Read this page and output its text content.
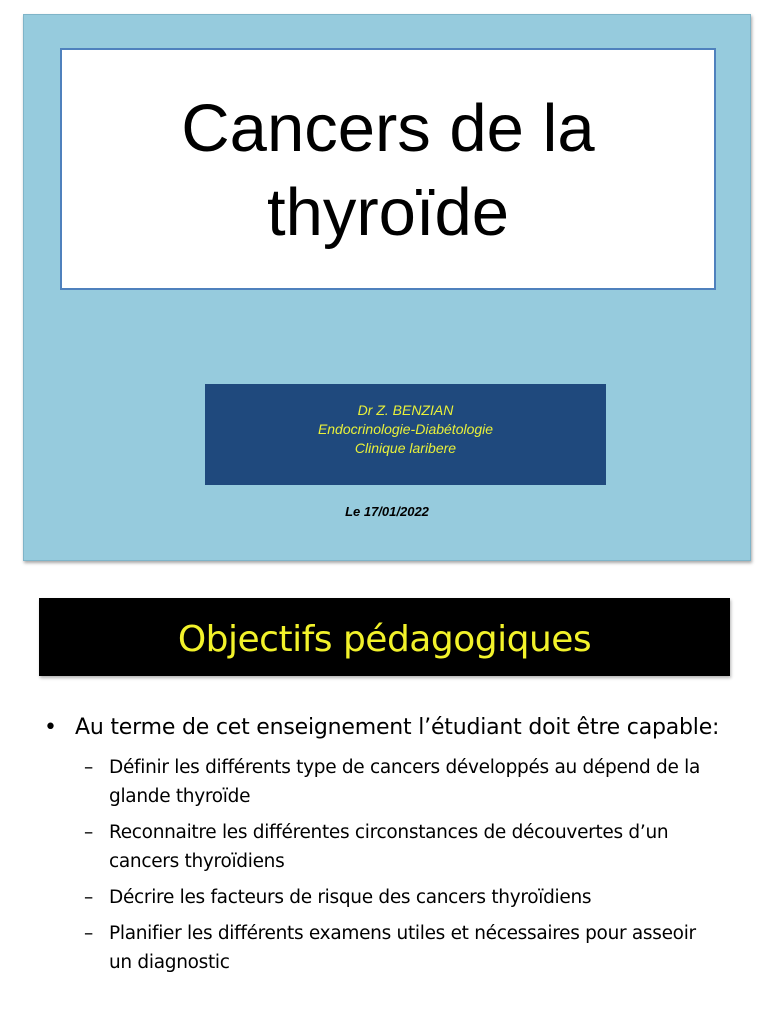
Cancers de la
thyroïde
Dr Z. BENZIAN
Endocrinologie-Diabétologie
Clinique laribere
Le 17/01/2022
Objectifs pédagogiques
• Au terme de cet enseignement l’étudiant doit être capable:
– Définir les différents type de cancers développés au dépend de la glande thyroïde
– Reconnaitre les différentes circonstances de découvertes d’un cancers thyroïdiens
– Décrire les facteurs de risque des cancers thyroïdiens
– Planifier les différents examens utiles et nécessaires pour asseoir un diagnostic
